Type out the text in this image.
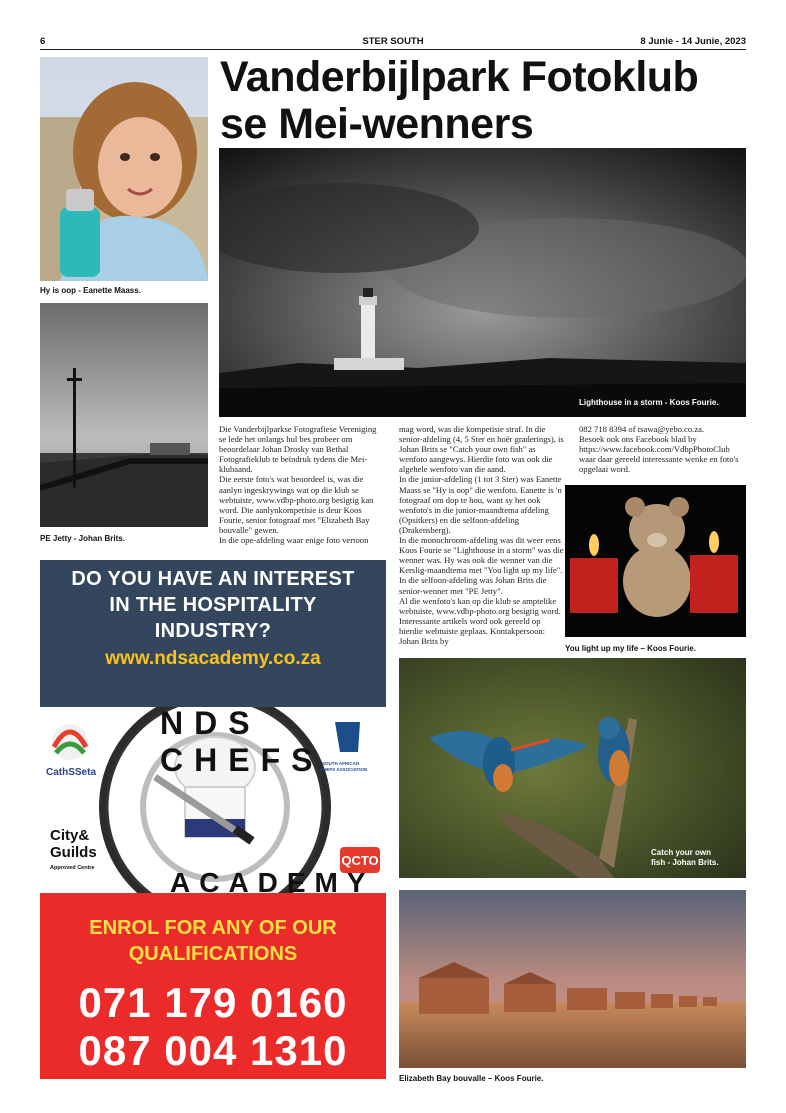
6	STER SOUTH	8 Junie - 14 Junie, 2023
Vanderbijlpark Fotoklub
se Mei-wenners
Hy is oop - Eanette Maass.
PE Jetty - Johan Brits.
Lighthouse in a storm - Koos Fourie.

Die Vanderbijlparkse Fotografiese Vereniging se lede het onlangs hul bes probeer om beoordelaar Johan Drosky van Bethal Fotografieklub te beïndruk tydens die Mei-klubaand.
Die eerste foto's wat beoordeel is, was die aanlyn ingeskrywings wat op die klub se webtuiste, www.vdbp-photo.org besigtig kan word. Die aanlynkompetisie is deur Koos Fourie, senior fotograaf met "Elizabeth Bay bouvalle" gewen.
In die ope-afdeling waar enige foto vertoon

mag word, was die kompetisie straf. In die senior-afdeling (4, 5 Ster en hoër graderings), is Johan Brits se "Catch your own fish" as wenfoto aangewys. Hierdie foto was ook die algehele wenfoto van die aand.
In die junior-afdeling (1 tot 3 Ster) was Eanette Maass se "Hy is oop" die wenfoto. Eanette is 'n fotograaf om dop te hou, want sy het ook wenfoto's in die junior-maandtema afdeling (Opsitkers) en die selfoon-afdeling (Drakensberg).
In die monochroom-afdeling was dit weer eens Koos Fourie se "Lighthouse in a storm" was die wenner was. Hy was ook die wenner van die Kerslig-maandtema met "You light up my life".
In die selfoon-afdeling was Johan Brits die senior-wenner met "PE Jetty".
Al die wenfoto's kan op die klub se amptelike webtuiste, www.vdbp-photo.org besigtig word. Interessante artikels word ook gereeld op hierdie webtuiste geplaas. Kontakpersoon: Johan Brits by

082 718 8394 of tsawa@yebo.co.za.
Besoek ook ons Facebook blad by https://www.facebook.com/VdbpPhotoClub waar daar gereeld interessante wenke en foto's opgelaai word.

You light up my life – Koos Fourie.
Catch your own
fish - Johan Brits.
Elizabeth Bay bouvalle – Koos Fourie.
DO YOU HAVE AN INTEREST
IN THE HOSPITALITY
INDUSTRY?
www.ndsacademy.co.za
CathSSeta
SOUTH AFRICAN
CHEFS ASSOCIATION
City&
Guilds
Approved Centre	QCTO
NDS CHEFS
ACADEMY
ENROL FOR ANY OF OUR
QUALIFICATIONS
071 179 0160
087 004 1310
